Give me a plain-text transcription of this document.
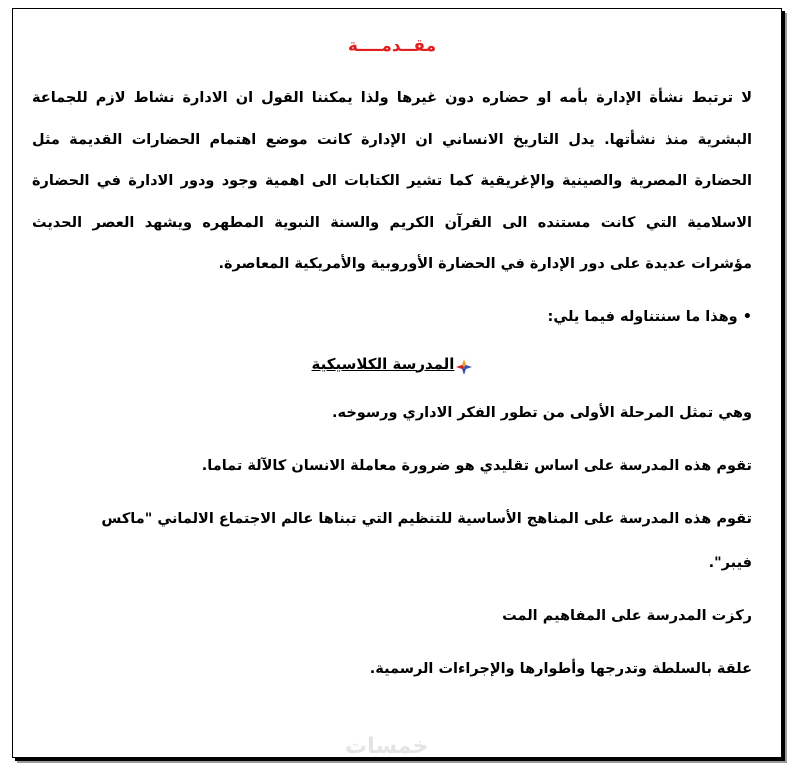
مقــدمــــة

لا ترتبط نشأة الإدارة بأمه او حضاره دون غيرها ولذا يمكننا القول ان الادارة نشاط لازم للجماعة البشرية منذ نشأتها. يدل التاريخ الانساني ان الإدارة كانت موضع اهتمام الحضارات القديمة مثل الحضارة المصرية والصينية والإغريقية كما تشير الكتابات الى اهمية وجود ودور الادارة في الحضارة الاسلامية التي كانت مستنده الى القرآن الكريم والسنة النبوية المطهره ويشهد العصر الحديث مؤشرات عديدة على دور الإدارة في الحضارة الأوروبية والأمريكية المعاصرة.

• وهذا ما سنتناوله فيما يلي:

المدرسة الكلاسيكية

وهي تمثل المرحلة الأولى من تطور الفكر الاداري ورسوخه.

تقوم هذه المدرسة على اساس تقليدي هو ضرورة معاملة الانسان كالآلة تماما.

تقوم هذه المدرسة على المناهج الأساسية للتنظيم التي تبناها عالم الاجتماع الالماني "ماكس

فيبر".

ركزت المدرسة على المفاهيم المت

علقة بالسلطة وتدرجها وأطوارها والإجراءات الرسمية.

خمسات
